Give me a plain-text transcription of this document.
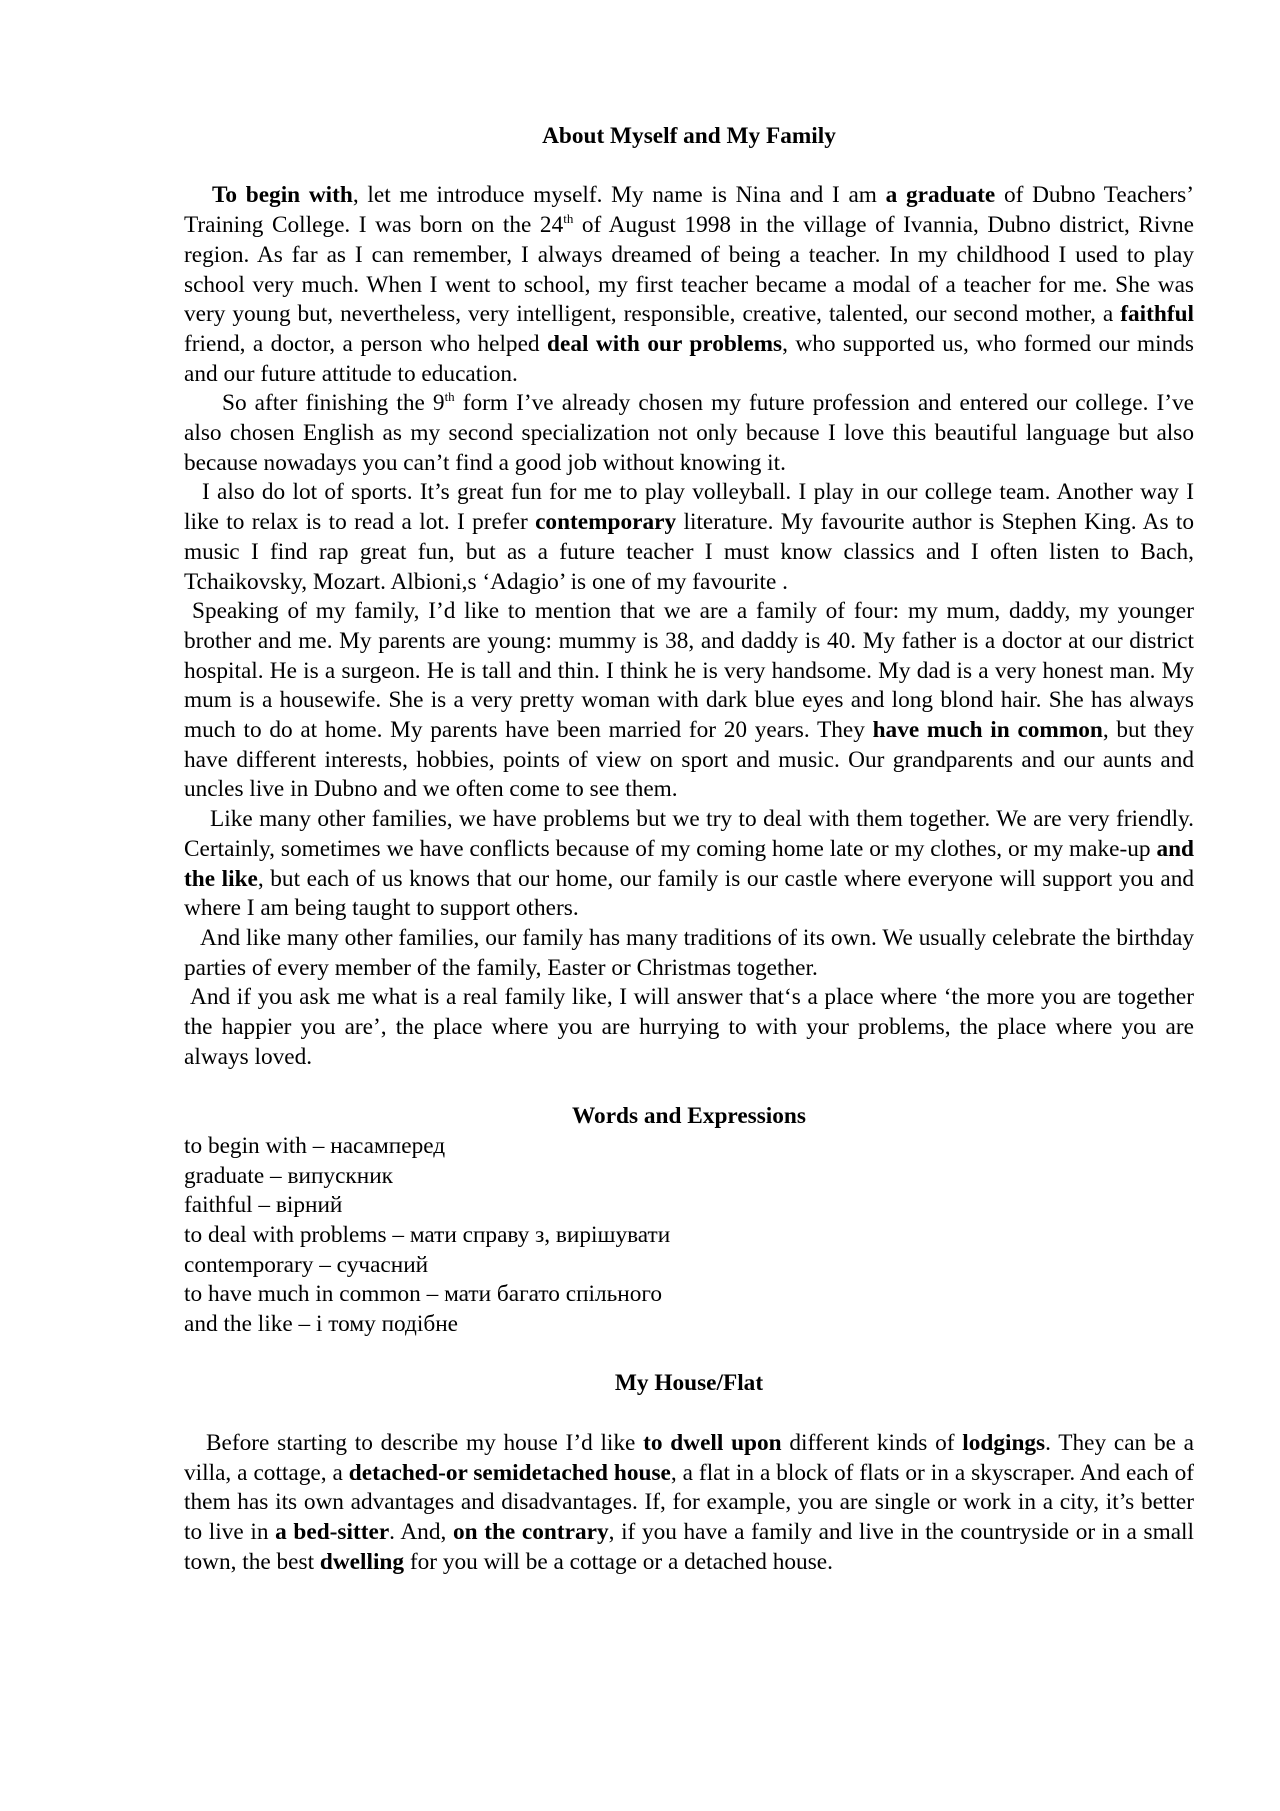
About Myself and My Family

To begin with, let me introduce myself. My name is Nina and I am a graduate of Dubno Teachers’ Training College. I was born on the 24th of August 1998 in the village of Ivannia, Dubno district, Rivne region. As far as I can remember, I always dreamed of being a teacher. In my childhood I used to play school very much. When I went to school, my first teacher became a modal of a teacher for me. She was very young but, nevertheless, very intelligent, responsible, creative, talented, our second mother, a faithful friend, a doctor, a person who helped deal with our problems, who supported us, who formed our minds and our future attitude to education.

So after finishing the 9th form I’ve already chosen my future profession and entered our college. I’ve also chosen English as my second specialization not only because I love this beautiful language but also because nowadays you can’t find a good job without knowing it.

I also do lot of sports. It’s great fun for me to play volleyball. I play in our college team. Another way I like to relax is to read a lot. I prefer contemporary literature. My favourite author is Stephen King. As to music I find rap great fun, but as a future teacher I must know classics and I often listen to Bach, Tchaikovsky, Mozart. Albioni,s ‘Adagio’ is one of my favourite .

Speaking of my family, I’d like to mention that we are a family of four: my mum, daddy, my younger brother and me. My parents are young: mummy is 38, and daddy is 40. My father is a doctor at our district hospital. He is a surgeon. He is tall and thin. I think he is very handsome. My dad is a very honest man. My mum is a housewife. She is a very pretty woman with dark blue eyes and long blond hair. She has always much to do at home. My parents have been married for 20 years. They have much in common, but they have different interests, hobbies, points of view on sport and music. Our grandparents and our aunts and uncles live in Dubno and we often come to see them.

Like many other families, we have problems but we try to deal with them together. We are very friendly. Certainly, sometimes we have conflicts because of my coming home late or my clothes, or my make-up and the like, but each of us knows that our home, our family is our castle where everyone will support you and where I am being taught to support others.

And like many other families, our family has many traditions of its own. We usually celebrate the birthday parties of every member of the family, Easter or Christmas together.

And if you ask me what is a real family like, I will answer that‘s a place where ‘the more you are together the happier you are’, the place where you are hurrying to with your problems, the place where you are always loved.

Words and Expressions
to begin with – насамперед
graduate – випускник
faithful – вірний
to deal with problems – мати справу з, вирішувати
contemporary – сучасний
to have much in common – мати багато спільного
and the like – і тому подібне
My House/Flat

Before starting to describe my house I’d like to dwell upon different kinds of lodgings. They can be a villa, a cottage, a detached-or semidetached house, a flat in a block of flats or in a skyscraper. And each of them has its own advantages and disadvantages. If, for example, you are single or work in a city, it’s better to live in a bed-sitter. And, on the contrary, if you have a family and live in the countryside or in a small town, the best dwelling for you will be a cottage or a detached house.
